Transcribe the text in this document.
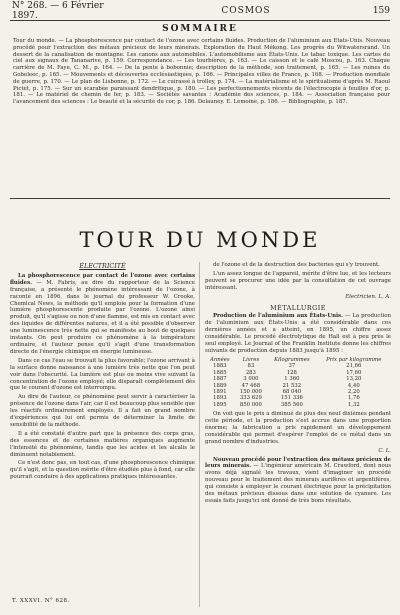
N° 268. — 6 Février 1897.	COSMOS	159
SOMMAIRE
Tour du monde. — La phosphorescence par contact de l'ozone avec certains fluides. Production de l'aluminium aux États-Unis. Nouveau procédé pour l'extraction des métaux précieux de leurs minerais. Exploration du Haut Mékong. Les progrès du Witwatersrand. Un dessert de la canalisation de montagne. Les canons aux automobiles. L'automobilisme aux États-Unis. Le tabac toxique. Les cartes du ciel aux signaux de Tananarive, p. 159. Correspondance. — Les tourbières, p. 163. — Le caisson et le café Moscou, p. 163. Chaque carrière de M. Faye, C. M., p. 164. — De la pente à bobonnie; description de la méthode, son traitement, p. 165. — Les ruines du Gobeleec, p. 165. — Mouvements et découvertes ecclésiastiques, p. 166. — Principales villes de France, p. 168. — Production mondiale de guerre, p. 170. — Le plan de Lisbonne, p. 172. — Le cuirassé à trolley, p. 174. — La matérialisme et le spiritualisme d'après M. Raoul Pictet, p. 175. — Sur un scarabée paraissant dendritique, p. 180. — Les perfectionnements récents de l'électrocopie à feuilles d'or, p. 181. — Le matériel de chemin de fer, p. 183. — Sociétés savantes : Académie des sciences, p. 184. — Association française pour l'avancement des sciences : Le beauté et la sécurité du cor, p. 186. Delauney. E. Lemoine, p. 186. — Bibliographie, p. 187.
TOUR DU MONDE
ÉLECTRICITÉ
La phosphorescence par contact de l'ozone avec certains fluides. — M. Fabris, au dire du rapporteur de la Science française, a présenté le phénomène intéressant de l'ozone, à raconté en 1896, dans le journal du professeur W. Crooke, Chemical News, la méthode qu'il emploie pour la formation d'une lumière phosphorescente produite par l'ozone. L'ozone ainsi produit, qu'il s'agisse ou non d'une flamme, est mis en contact avec des liquides de différentes natures, et il a été possible d'observer une luminescence très nette qui se manifeste au bout de quelques instants. On peut produire ce phénomène à la température ordinaire, et l'auteur pense qu'il s'agit d'une transformation directe de l'énergie chimique en énergie lumineuse.
Dans ce cas l'eau se trouvait la plus favorable; l'ozone arrivant à la surface donne naissance à une lumière très nette que l'on peut voir dans l'obscurité. La lumière est plus ou moins vive suivant la concentration de l'ozone employé; elle disparaît complètement dès que le courant d'ozone est interrompu.
Au dire de l'auteur, ce phénomène peut servir à caractériser la présence de l'ozone dans l'air, car il est beaucoup plus sensible que les réactifs ordinairement employés. Il a fait un grand nombre d'expériences qui lui ont permis de déterminer la limite de sensibilité de la méthode.
Il a été constaté d'autre part que la présence des corps gras, des essences et de certaines matières organiques augmente l'intensité du phénomène, tandis que les acides et les alcalis le diminuent notablement.
Ce n'est donc pas, en tout cas, d'une phosphorescence chimique qu'il s'agit, et la question mérite d'être étudiée plus à fond, car elle pourrait conduire à des applications pratiques intéressantes.
de l'ozone et de la destruction des bactéries qui s'y trouvent.
L'un assez longue de l'appareil, mérite d'être lue, et les lecteurs peuvent se procurer une idée par la consultation de cet ouvrage intéressant.
Electricien. L. A.
MÉTALLURGIE
Production de l'aluminium aux États-Unis. — La production de l'aluminium aux États-Unis a été considérable dans ces dernières années et a atteint, en 1895, un chiffre assez considérable. Le procédé électrolytique de Hall est à peu près le seul employé. Le Journal of the Franklin Institute donne les chiffres suivants de production depuis 1883 jusqu'à 1895 :
Années	Livres	Kilogrammes	Prix par kilogramme
1883	83	37	21,66
1885	283	128	17,60
1887	3 000	1 360	13,20
1889	47 468	21 532	4,40
1891	150 000	68 040	2,20
1893	333 629	151 336	1,76
1895	850 000	385 560	1,32
On voit que le prix a diminué de plus des neuf dixièmes pendant cette période, et la production s'est accrue dans une proportion énorme; la fabrication a pris rapidement un développement considérable qui permet d'espérer l'emploi de ce métal dans un grand nombre d'industries.
C. L.
Nouveau procédé pour l'extraction des métaux précieux de leurs minerais. — L'ingénieur américain M. Crawford, dont nous avons déjà signalé les travaux, vient d'imaginer un procédé nouveau pour le traitement des minerais aurifères et argentifères, qui consiste à employer le courant électrique pour la précipitation des métaux précieux dissous dans une solution de cyanure. Les essais faits jusqu'ici ont donné de très bons résultats.
T. XXXVI. N° 628.
